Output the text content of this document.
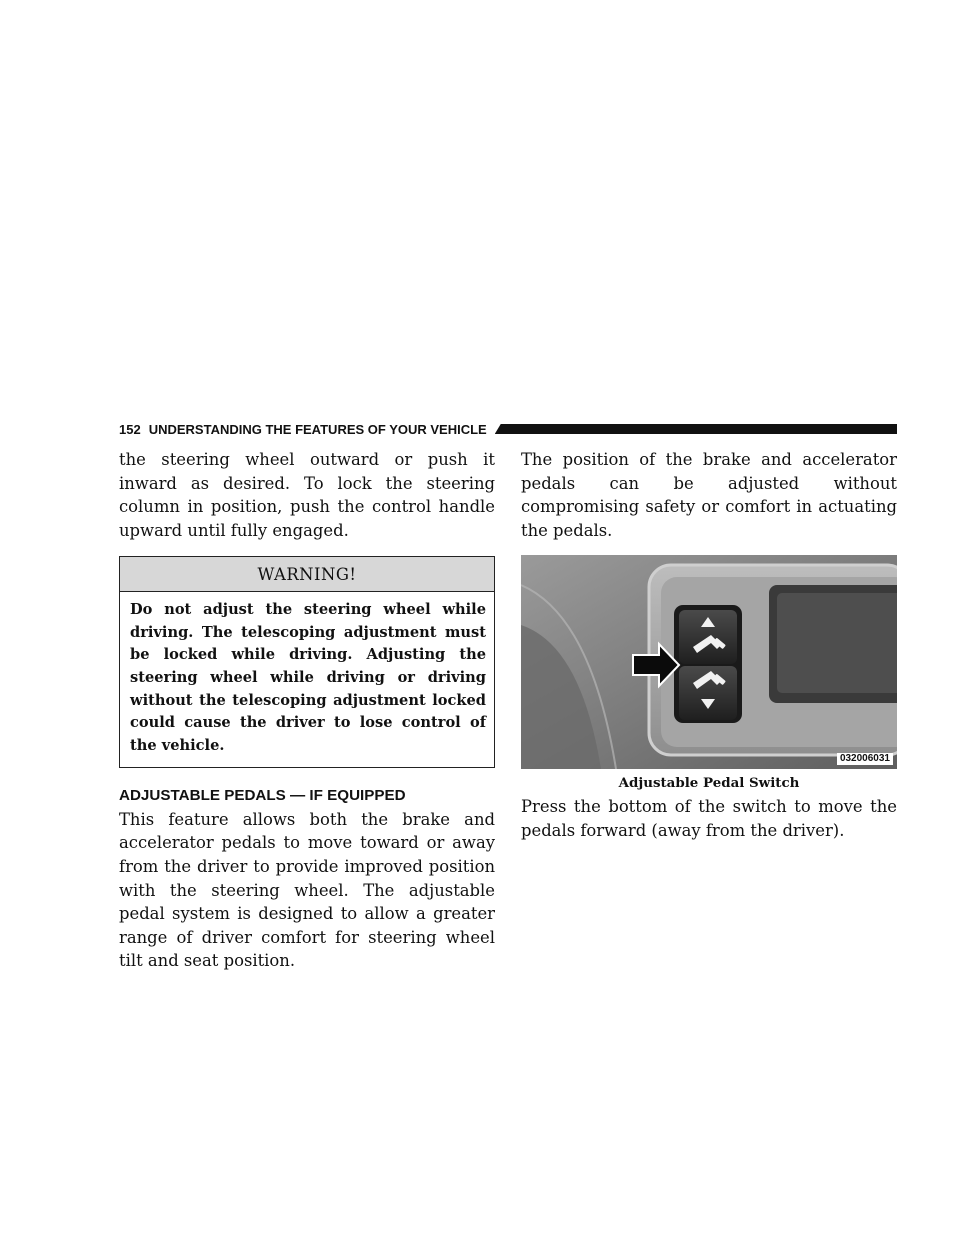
152 UNDERSTANDING THE FEATURES OF YOUR VEHICLE

the steering wheel outward or push it inward as desired. To lock the steering column in position, push the control handle upward until fully engaged.

WARNING!
Do not adjust the steering wheel while driving. The telescoping adjustment must be locked while driving. Adjusting the steering wheel while driving or driving without the telescoping adjustment locked could cause the driver to lose control of the vehicle.
ADJUSTABLE PEDALS — IF EQUIPPED

This feature allows both the brake and accelerator pedals to move toward or away from the driver to provide improved position with the steering wheel. The adjustable pedal system is designed to allow a greater range of driver comfort for steering wheel tilt and seat position.

The position of the brake and accelerator pedals can be adjusted without compromising safety or comfort in actuating the pedals.

032006031
Adjustable Pedal Switch

Press the bottom of the switch to move the pedals forward (away from the driver).
